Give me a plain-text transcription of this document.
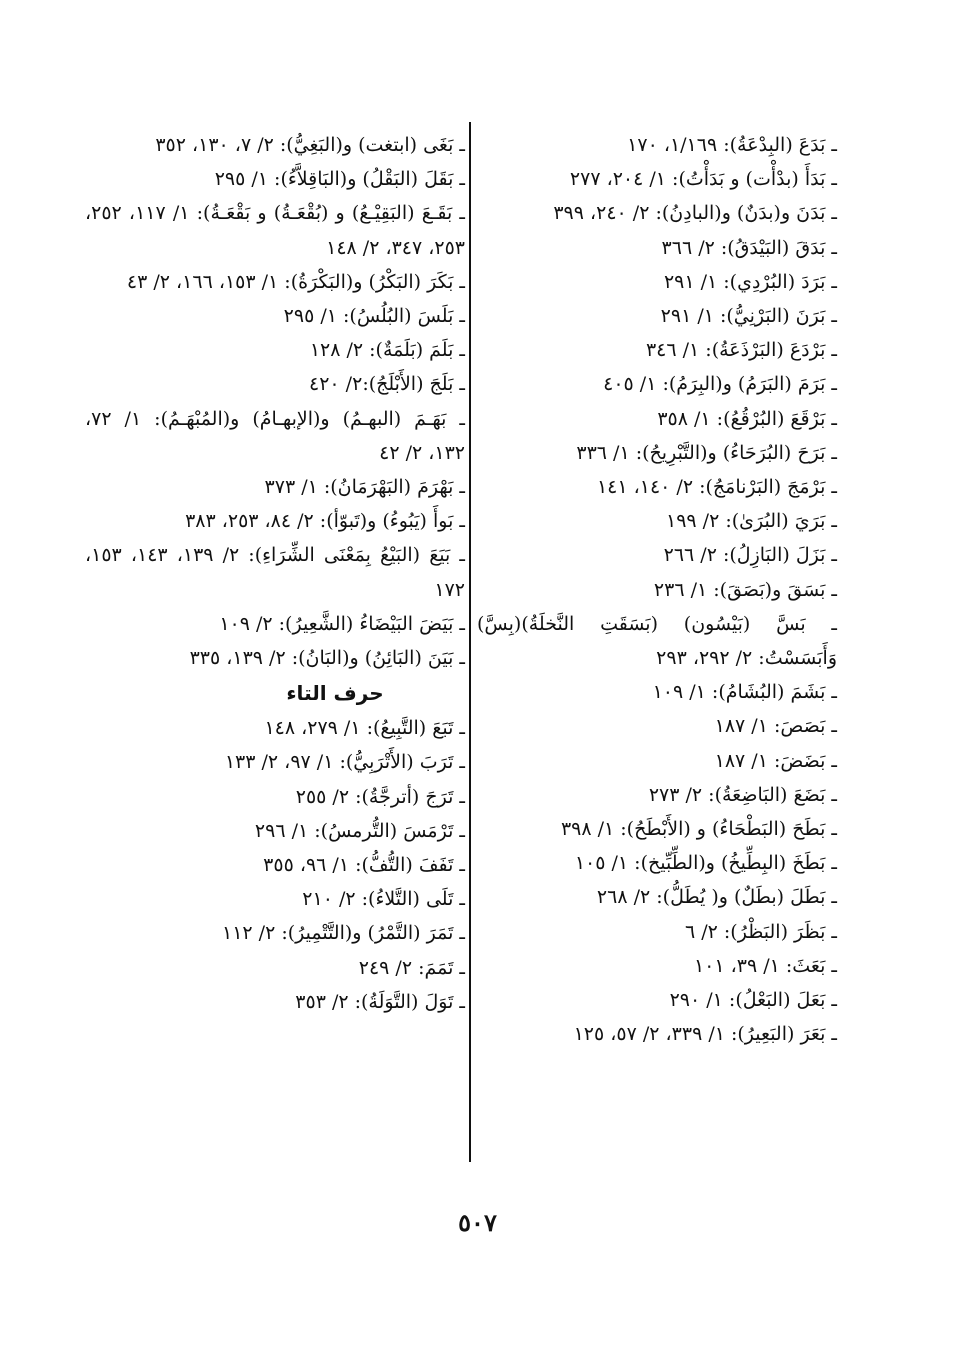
ـ بَدَعَ (البِدْعَةُ): ١/١٦٩، ١٧٠
ـ بَدَأَ (بدْأْت) و بَدَأْتُ): ١/ ٢٠٤، ٢٧٧
ـ بَدَنَ و(بدَنٌ) و(البادِنُ): ٢/ ٢٤٠، ٣٩٩
ـ بَدَقَ (البَيْدَقُ): ٢/ ٣٦٦
ـ بَرَدَ (البُرْدِي): ١/ ٢٩١
ـ بَرَنَ (البَرْنِيُّ): ١/ ٢٩١
ـ بَرْدَعَ (البَرْذَعَةُ): ١/ ٣٤٦
ـ بَرَمَ (البَرَمُ) و(البِرَمُ): ١/ ٤٠٥
ـ بَرْقَعَ (البُرْقُعُ): ١/ ٣٥٨
ـ بَرَحَ (البُرَحَاءُ) و(التَّبْرِيحُ): ١/ ٣٣٦
ـ بَرْمَجَ (البَرْنامَجُ): ٢/ ١٤٠، ١٤١
ـ بَرَيَ (البُرَىٰ): ٢/ ١٩٩
ـ بَزَلَ (البَازِلُ): ٢/ ٢٦٦
ـ بَسَقَ و(بَصَقَ): ١/ ٢٣٦
ـ بَسَّ (بَيْسُون) (بَسَقَتِ النَّخلَةُ)(بِسَّ) وَأَبَسَسْتُ: ٢/ ٢٩٢، ٢٩٣
ـ بَشَمَ (البُشَامُ): ١/ ١٠٩
ـ بَصَصَ: ١/ ١٨٧
ـ بَضَضَ: ١/ ١٨٧
ـ بَضَعَ (البَاضِعَةُ): ٢/ ٢٧٣
ـ بَطَحَ (البَطْحَاءُ) و (الأَبْطَحُ): ١/ ٣٩٨
ـ بَطَخَ (البِطِّيخُ) و(الطِّبِّيخ): ١/ ١٠٥
ـ بَطَلَ (بطَلٌ) و( يُطَلُّ): ٢/ ٢٦٨
ـ بَظَرَ (البَظْرُ): ٢/ ٦
ـ بَعَثَ: ١/ ٣٩، ١٠١
ـ بَعَلَ (البَعْلُ): ١/ ٢٩٠
ـ بَعَرَ (البَعِيرُ): ١/ ٣٣٩، ٢/ ٥٧، ١٢٥
ـ بَغَى (ابتغت) و(البَغِيُّ): ٢/ ٧، ١٣٠، ٣٥٢
ـ بَقَلَ (البَقْلُ) و(البَاقِلاَّءُ): ١/ ٢٩٥
ـ بَقَـعَ (البَقِيْـعُ) و (بُقْعَـةُ) و بَقْعَـةُ): ١/ ١١٧، ٢٥٢، ٢٥٣، ٣٤٧، ٢/ ١٤٨
ـ بَكَرَ (البَكْرُ) و(البَكْرَةُ): ١/ ١٥٣، ١٦٦، ٢/ ٤٣
ـ بَلَسَ (البُلُسُ): ١/ ٢٩٥
ـ بَلَمَ (بَلَمَةٌ): ٢/ ١٢٨
ـ بَلَجَ (الأَبْلَجُ):٢/ ٤٢٠
ـ بَهَـمَ (البهـمُ) و(الإبهـامُ) و(المُبْهَـمُ): ١/ ٧٢، ١٣٢، ٢/ ٤٢
ـ بَهْرَمَ (البَهْرَمَانُ): ١/ ٣٧٣
ـ بَوأَ (يَبُوءُ) و(تَبوّأ): ٢/ ٨٤، ٢٥٣، ٣٨٣
ـ بَيَعَ (البَيْعُ بِمَعْنَى الشِّرَاءِ): ٢/ ١٣٩، ١٤٣، ١٥٣، ١٧٢
ـ بَيَضَ البَيْضَاءُ (الشَّعِيرُ): ٢/ ١٠٩
ـ بَيَنَ (البَائِنُ) و(البَانُ): ٢/ ١٣٩، ٣٣٥
حرف التاء
ـ تَبَعَ (التَّبِيعُ): ١/ ٢٧٩، ١٤٨
ـ تَرَبَ (الأَتْرَبِيُّ): ١/ ٩٧، ٢/ ١٣٣
ـ تَرَجَ (أترجَّةُ): ٢/ ٢٥٥
ـ تَرْمَسَ (التُّرمسُ): ١/ ٢٩٦
ـ تَفَفَ (التُّفُّ): ١/ ٩٦، ٣٥٥
ـ تَلَى (التَّلاءُ): ٢/ ٢١٠
ـ تَمَرَ (التَّمْرُ) و(التَّتْمِيرُ): ٢/ ١١٢
ـ تَمَمَ: ٢/ ٢٤٩
ـ تَوَلَ (التَّوَلَةُ): ٢/ ٣٥٣
٥٠٧
